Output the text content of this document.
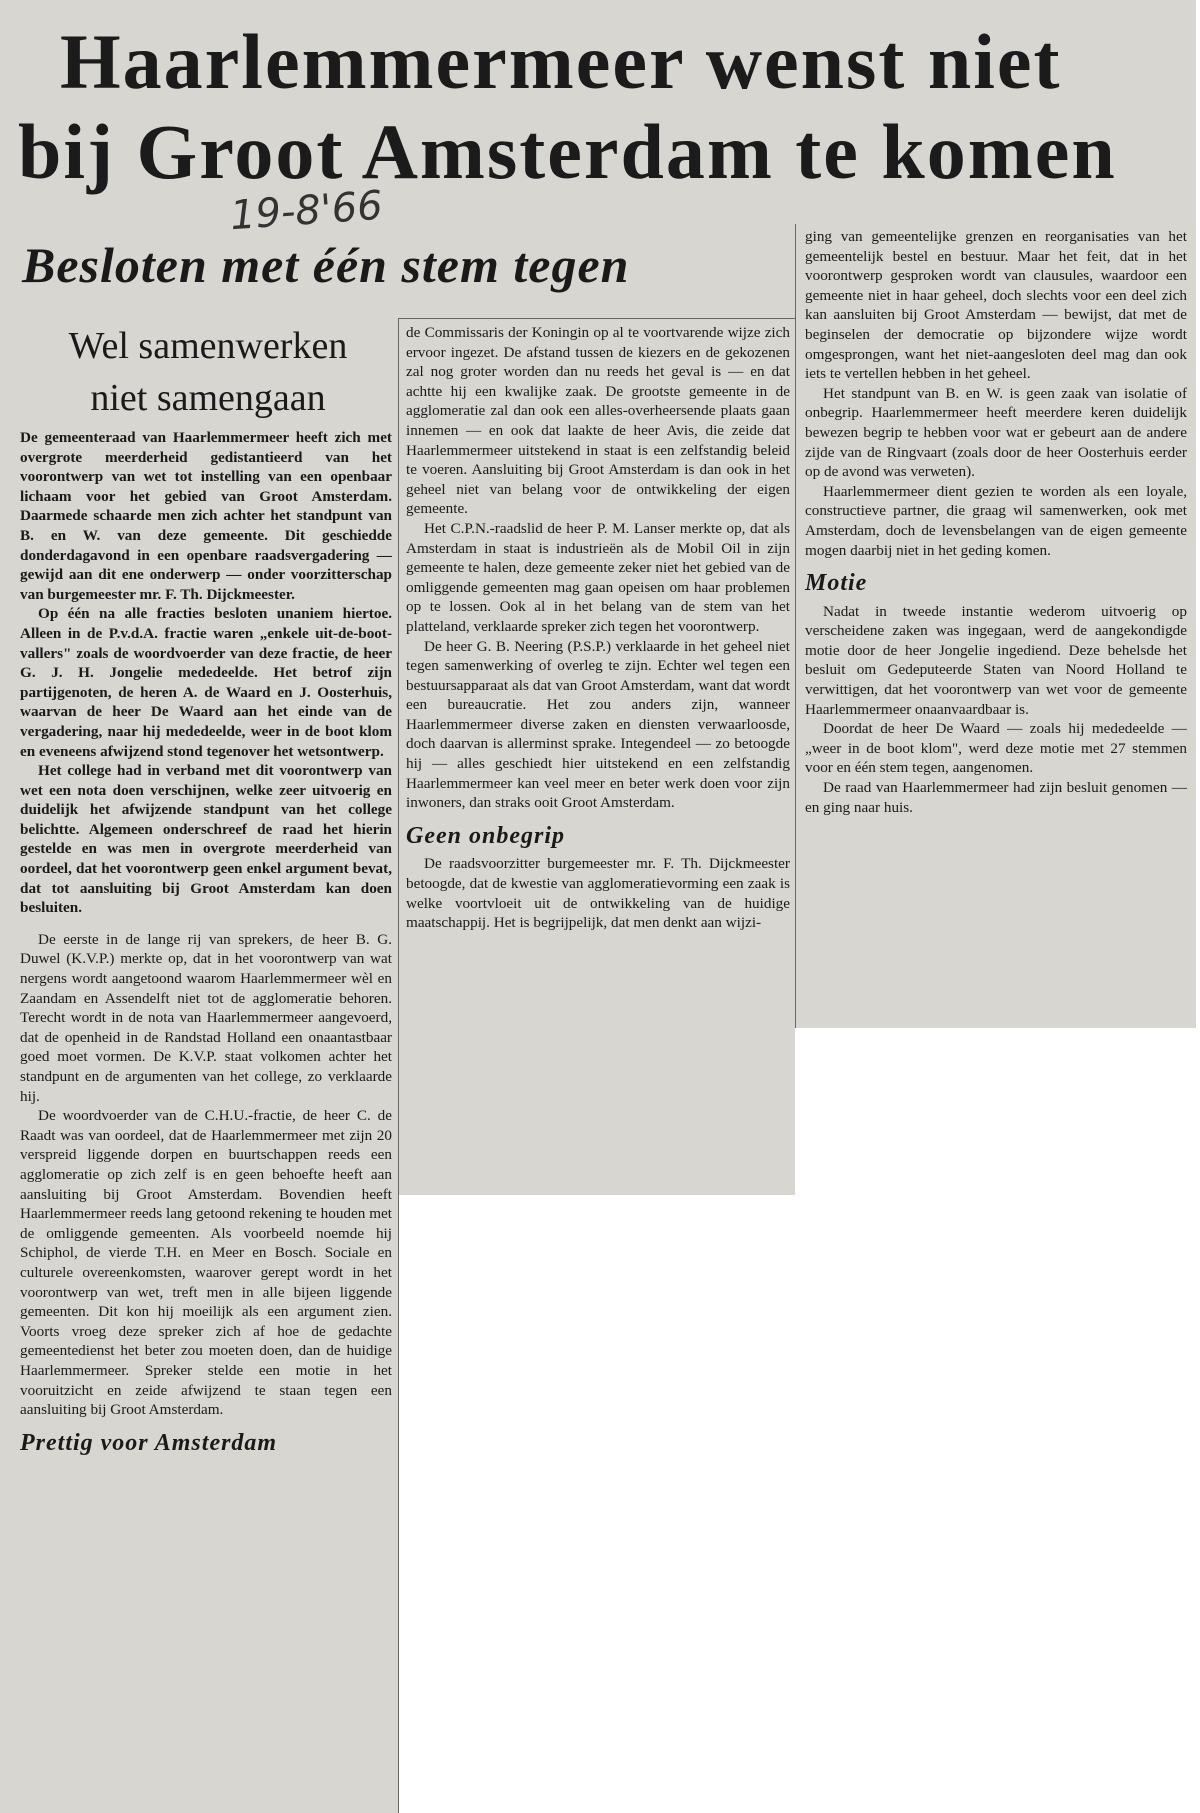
Haarlemmermeer wenst niet
bij Groot Amsterdam te komen
19-8'66
Besloten met één stem tegen
Wel samenwerken
niet samengaan

De gemeenteraad van Haarlemmermeer heeft zich met overgrote meerderheid gedistantieerd van het voorontwerp van wet tot instelling van een openbaar lichaam voor het gebied van Groot Amsterdam. Daarmede schaarde men zich achter het standpunt van B. en W. van deze gemeente. Dit geschiedde donderdagavond in een openbare raadsvergadering — gewijd aan dit ene onderwerp — onder voorzitterschap van burgemeester mr. F. Th. Dijckmeester.

Op één na alle fracties besloten unaniem hiertoe. Alleen in de P.v.d.A. fractie waren „enkele uit-de-boot-vallers" zoals de woordvoerder van deze fractie, de heer G. J. H. Jongelie mededeelde. Het betrof zijn partijgenoten, de heren A. de Waard en J. Oosterhuis, waarvan de heer De Waard aan het einde van de vergadering, naar hij mededeelde, weer in de boot klom en eveneens afwijzend stond tegenover het wetsontwerp.

Het college had in verband met dit voorontwerp van wet een nota doen verschijnen, welke zeer uitvoerig en duidelijk het afwijzende standpunt van het college belichtte. Algemeen onderschreef de raad het hierin gestelde en was men in overgrote meerderheid van oordeel, dat het voorontwerp geen enkel argument bevat, dat tot aansluiting bij Groot Amsterdam kan doen besluiten.

De eerste in de lange rij van sprekers, de heer B. G. Duwel (K.V.P.) merkte op, dat in het voorontwerp van wat nergens wordt aangetoond waarom Haarlemmermeer wèl en Zaandam en Assendelft niet tot de agglomeratie behoren. Terecht wordt in de nota van Haarlemmermeer aangevoerd, dat de openheid in de Randstad Holland een onaantastbaar goed moet vormen. De K.V.P. staat volkomen achter het standpunt en de argumenten van het college, zo verklaarde hij.

De woordvoerder van de C.H.U.-fractie, de heer C. de Raadt was van oordeel, dat de Haarlemmermeer met zijn 20 verspreid liggende dorpen en buurtschappen reeds een agglomeratie op zich zelf is en geen behoefte heeft aan aansluiting bij Groot Amsterdam. Bovendien heeft Haarlemmermeer reeds lang getoond rekening te houden met de omliggende gemeenten. Als voorbeeld noemde hij Schiphol, de vierde T.H. en Meer en Bosch. Sociale en culturele overeenkomsten, waarover gerept wordt in het voorontwerp van wet, treft men in alle bijeen liggende gemeenten. Dit kon hij moeilijk als een argument zien. Voorts vroeg deze spreker zich af hoe de gedachte gemeentedienst het beter zou moeten doen, dan de huidige Haarlemmermeer. Spreker stelde een motie in het vooruitzicht en zeide afwijzend te staan tegen een aansluiting bij Groot Amsterdam.

Prettig voor Amsterdam

de Commissaris der Koningin op al te voortvarende wijze zich ervoor ingezet. De afstand tussen de kiezers en de gekozenen zal nog groter worden dan nu reeds het geval is — en dat achtte hij een kwalijke zaak. De grootste gemeente in de agglomeratie zal dan ook een alles-overheersende plaats gaan innemen — en ook dat laakte de heer Avis, die zeide dat Haarlemmermeer uitstekend in staat is een zelfstandig beleid te voeren. Aansluiting bij Groot Amsterdam is dan ook in het geheel niet van belang voor de ontwikkeling der eigen gemeente.

Het C.P.N.-raadslid de heer P. M. Lanser merkte op, dat als Amsterdam in staat is industrieën als de Mobil Oil in zijn gemeente te halen, deze gemeente zeker niet het gebied van de omliggende gemeenten mag gaan opeisen om haar problemen op te lossen. Ook al in het belang van de stem van het platteland, verklaarde spreker zich tegen het voorontwerp.

De heer G. B. Neering (P.S.P.) verklaarde in het geheel niet tegen samenwerking of overleg te zijn. Echter wel tegen een bestuursapparaat als dat van Groot Amsterdam, want dat wordt een bureaucratie. Het zou anders zijn, wanneer Haarlemmermeer diverse zaken en diensten verwaarloosde, doch daarvan is allerminst sprake. Integendeel — zo betoogde hij — alles geschiedt hier uitstekend en een zelfstandig Haarlemmermeer kan veel meer en beter werk doen voor zijn inwoners, dan straks ooit Groot Amsterdam.

Geen onbegrip

De raadsvoorzitter burgemeester mr. F. Th. Dijckmeester betoogde, dat de kwestie van agglomeratievorming een zaak is welke voortvloeit uit de ontwikkeling van de huidige maatschappij. Het is begrijpelijk, dat men denkt aan wijzi-

ging van gemeentelijke grenzen en reorganisaties van het gemeentelijk bestel en bestuur. Maar het feit, dat in het voorontwerp gesproken wordt van clausules, waardoor een gemeente niet in haar geheel, doch slechts voor een deel zich kan aansluiten bij Groot Amsterdam — bewijst, dat met de beginselen der democratie op bijzondere wijze wordt omgesprongen, want het niet-aangesloten deel mag dan ook iets te vertellen hebben in het geheel.

Het standpunt van B. en W. is geen zaak van isolatie of onbegrip. Haarlemmermeer heeft meerdere keren duidelijk bewezen begrip te hebben voor wat er gebeurt aan de andere zijde van de Ringvaart (zoals door de heer Oosterhuis eerder op de avond was verweten).

Haarlemmermeer dient gezien te worden als een loyale, constructieve partner, die graag wil samenwerken, ook met Amsterdam, doch de levensbelangen van de eigen gemeente mogen daarbij niet in het geding komen.

Motie

Nadat in tweede instantie wederom uitvoerig op verscheidene zaken was ingegaan, werd de aangekondigde motie door de heer Jongelie ingediend. Deze behelsde het besluit om Gedeputeerde Staten van Noord Holland te verwittigen, dat het voorontwerp van wet voor de gemeente Haarlemmermeer onaanvaardbaar is.

Doordat de heer De Waard — zoals hij mededeelde — „weer in de boot klom", werd deze motie met 27 stemmen voor en één stem tegen, aangenomen.

De raad van Haarlemmermeer had zijn besluit genomen — en ging naar huis.
